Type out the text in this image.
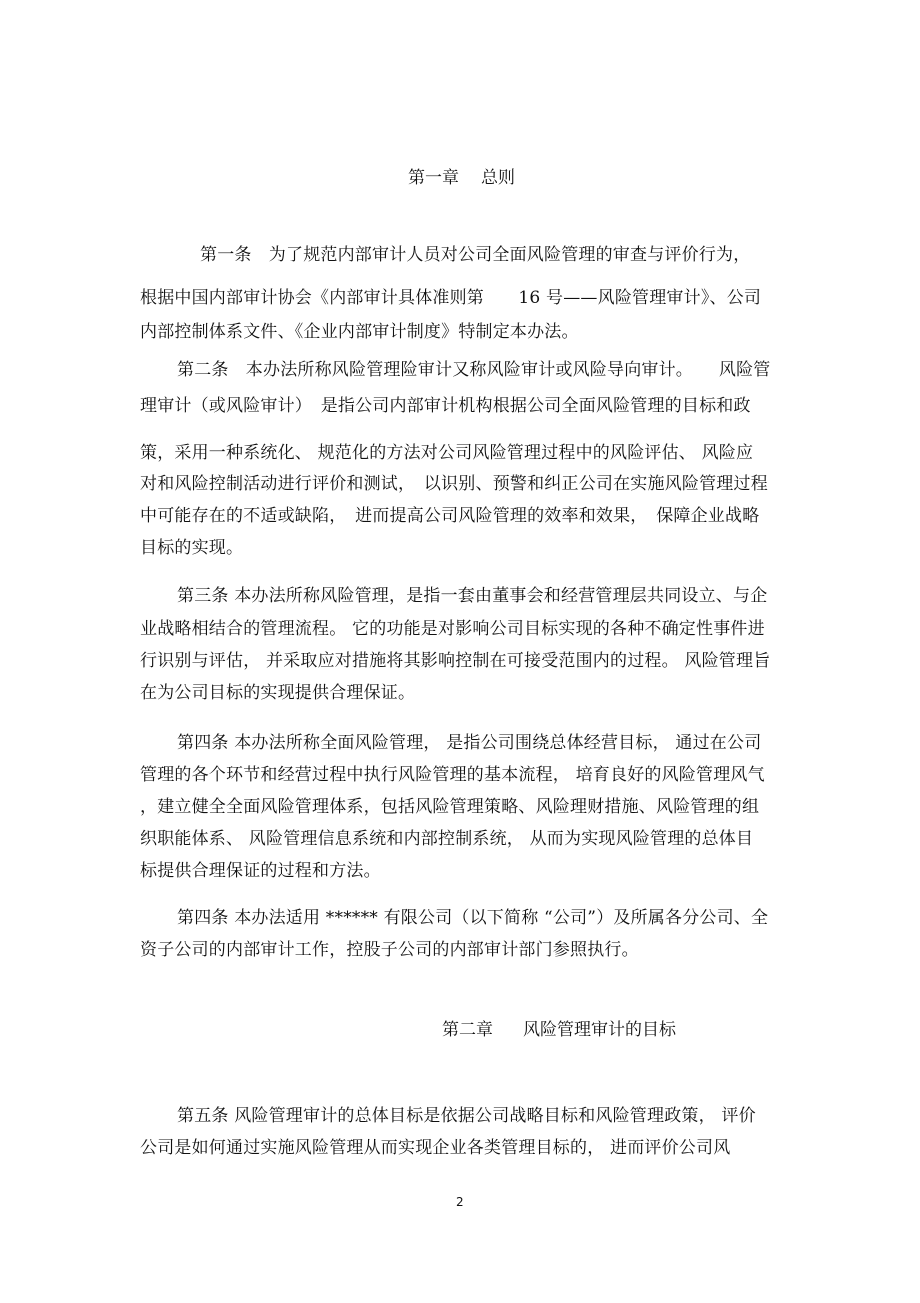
第一章 总则
第一条　为了规范内部审计人员对公司全面风险管理的审查与评价行为，
根据中国内部审计协会《内部审计具体准则第　　16 号——风险管理审计》、公司
内部控制体系文件、《企业内部审计制度》特制定本办法。
第二条　本办法所称风险管理险审计又称风险审计或风险导向审计。　　风险管
理审计（或风险审计）　是指公司内部审计机构根据公司全面风险管理的目标和政
策，采用一种系统化、 规范化的方法对公司风险管理过程中的风险评估、 风险应
对和风险控制活动进行评价和测试，　以识别、预警和纠正公司在实施风险管理过程
中可能存在的不适或缺陷，　进而提高公司风险管理的效率和效果，　保障企业战略
目标的实现。
第三条 本办法所称风险管理，是指一套由董事会和经营管理层共同设立、与企
业战略相结合的管理流程。 它的功能是对影响公司目标实现的各种不确定性事件进
行识别与评估， 并采取应对措施将其影响控制在可接受范围内的过程。 风险管理旨
在为公司目标的实现提供合理保证。
第四条 本办法所称全面风险管理， 是指公司围绕总体经营目标， 通过在公司
管理的各个环节和经营过程中执行风险管理的基本流程， 培育良好的风险管理风气
，建立健全全面风险管理体系，包括风险管理策略、风险理财措施、风险管理的组
织职能体系、 风险管理信息系统和内部控制系统， 从而为实现风险管理的总体目
标提供合理保证的过程和方法。
第四条 本办法适用 ****** 有限公司（以下简称 “公司”）及所属各分公司、全
资子公司的内部审计工作，控股子公司的内部审计部门参照执行。
第二章 风险管理审计的目标
第五条 风险管理审计的总体目标是依据公司战略目标和风险管理政策， 评价
公司是如何通过实施风险管理从而实现企业各类管理目标的， 进而评价公司风
2
